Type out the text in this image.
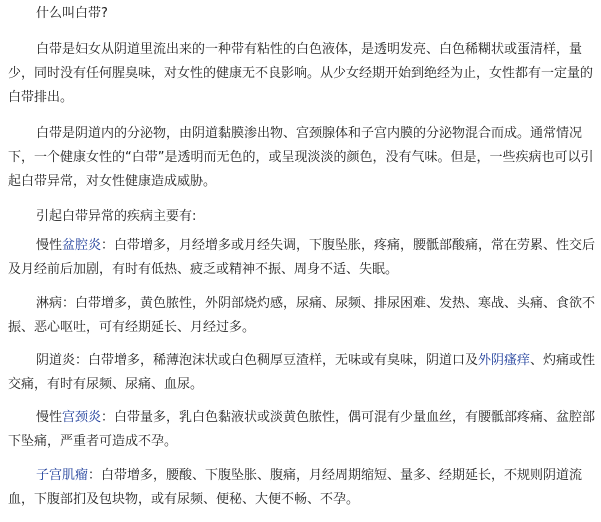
什么叫白带?

白带是妇女从阴道里流出来的一种带有粘性的白色液体，是透明发亮、白色稀糊状或蛋清样，量少，同时没有任何腥臭味，对女性的健康无不良影响。从少女经期开始到绝经为止，女性都有一定量的白带排出。

白带是阴道内的分泌物，由阴道黏膜渗出物、宫颈腺体和子宫内膜的分泌物混合而成。通常情况下，一个健康女性的“白带”是透明而无色的，或呈现淡淡的颜色，没有气味。但是，一些疾病也可以引起白带异常，对女性健康造成威胁。

引起白带异常的疾病主要有:

慢性盆腔炎：白带增多，月经增多或月经失调，下腹坠胀，疼痛，腰骶部酸痛，常在劳累、性交后及月经前后加剧，有时有低热、疲乏或精神不振、周身不适、失眠。

淋病：白带增多，黄色脓性，外阴部烧灼感，尿痛、尿频、排尿困难、发热、寒战、头痛、食欲不振、恶心呕吐，可有经期延长、月经过多。

阴道炎：白带增多，稀薄泡沫状或白色稠厚豆渣样，无味或有臭味，阴道口及外阴瘙痒、灼痛或性交痛，有时有尿频、尿痛、血尿。

慢性宫颈炎：白带量多，乳白色黏液状或淡黄色脓性，偶可混有少量血丝，有腰骶部疼痛、盆腔部下坠痛，严重者可造成不孕。

子宫肌瘤：白带增多，腰酸、下腹坠胀、腹痛，月经周期缩短、量多、经期延长，不规则阴道流血，下腹部扪及包块物，或有尿频、便秘、大便不畅、不孕。
